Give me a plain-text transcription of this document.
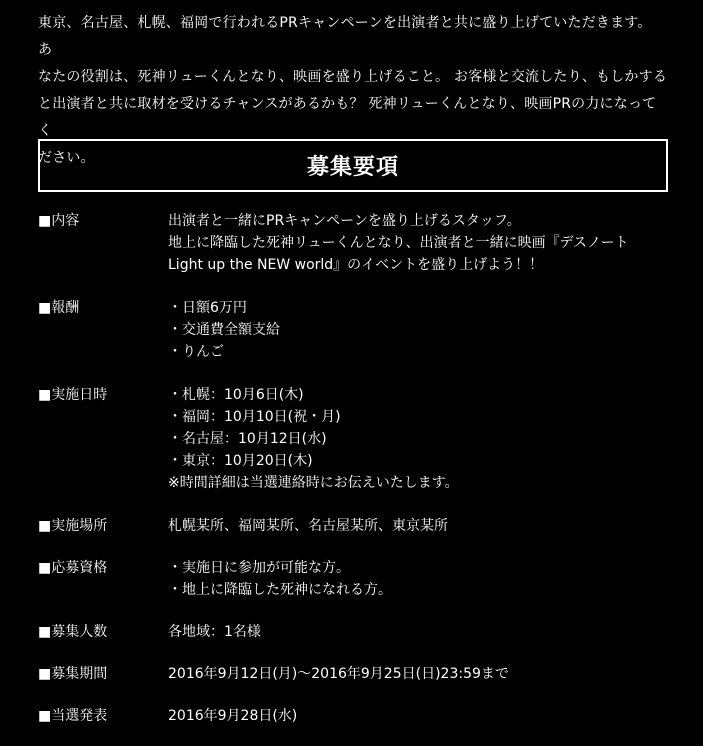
東京、名古屋、札幌、福岡で行われるPRキャンペーンを出演者と共に盛り上げていただきます。 あ
なたの役割は、死神リューくんとなり、映画を盛り上げること。 お客様と交流したり、もしかする
と出演者と共に取材を受けるチャンスがあるかも？ 死神リューくんとなり、映画PRの力になってく
ださい。	募集要項
■内容	出演者と一緒にPRキャンペーンを盛り上げるスタッフ。
地上に降臨した死神リューくんとなり、出演者と一緒に映画『デスノート
Light up the NEW world』のイベントを盛り上げよう！！
■報酬	・日額6万円
・交通費全額支給
・りんご
■実施日時	・札幌：10月6日(木)
・福岡：10月10日(祝・月)
・名古屋：10月12日(水)
・東京：10月20日(木)
※時間詳細は当選連絡時にお伝えいたします。
■実施場所	札幌某所、福岡某所、名古屋某所、東京某所
■応募資格	・実施日に参加が可能な方。
・地上に降臨した死神になれる方。
■募集人数	各地域：1名様
■募集期間	2016年9月12日(月)～2016年9月25日(日)23:59まで
■当選発表	2016年9月28日(水)
